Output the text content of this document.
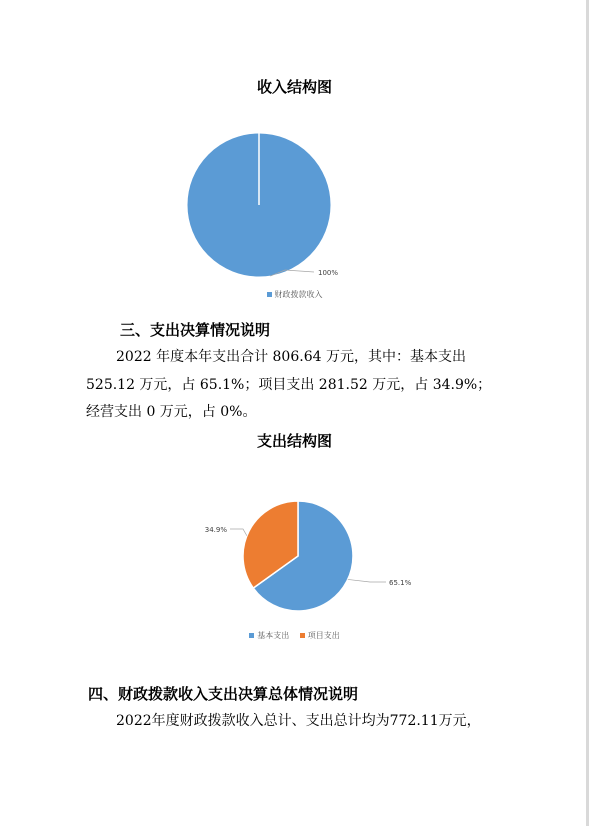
收入结构图
100%
财政拨款收入
三、支出决算情况说明
2022 年度本年支出合计 806.64 万元，其中：基本支出
525.12 万元，占 65.1%；项目支出 281.52 万元，占 34.9%；
经营支出 0 万元，占 0%。
支出结构图
65.1%
34.9%
基本支出 项目支出
四、财政拨款收入支出决算总体情况说明
2022年度财政拨款收入总计、支出总计均为772.11万元，
